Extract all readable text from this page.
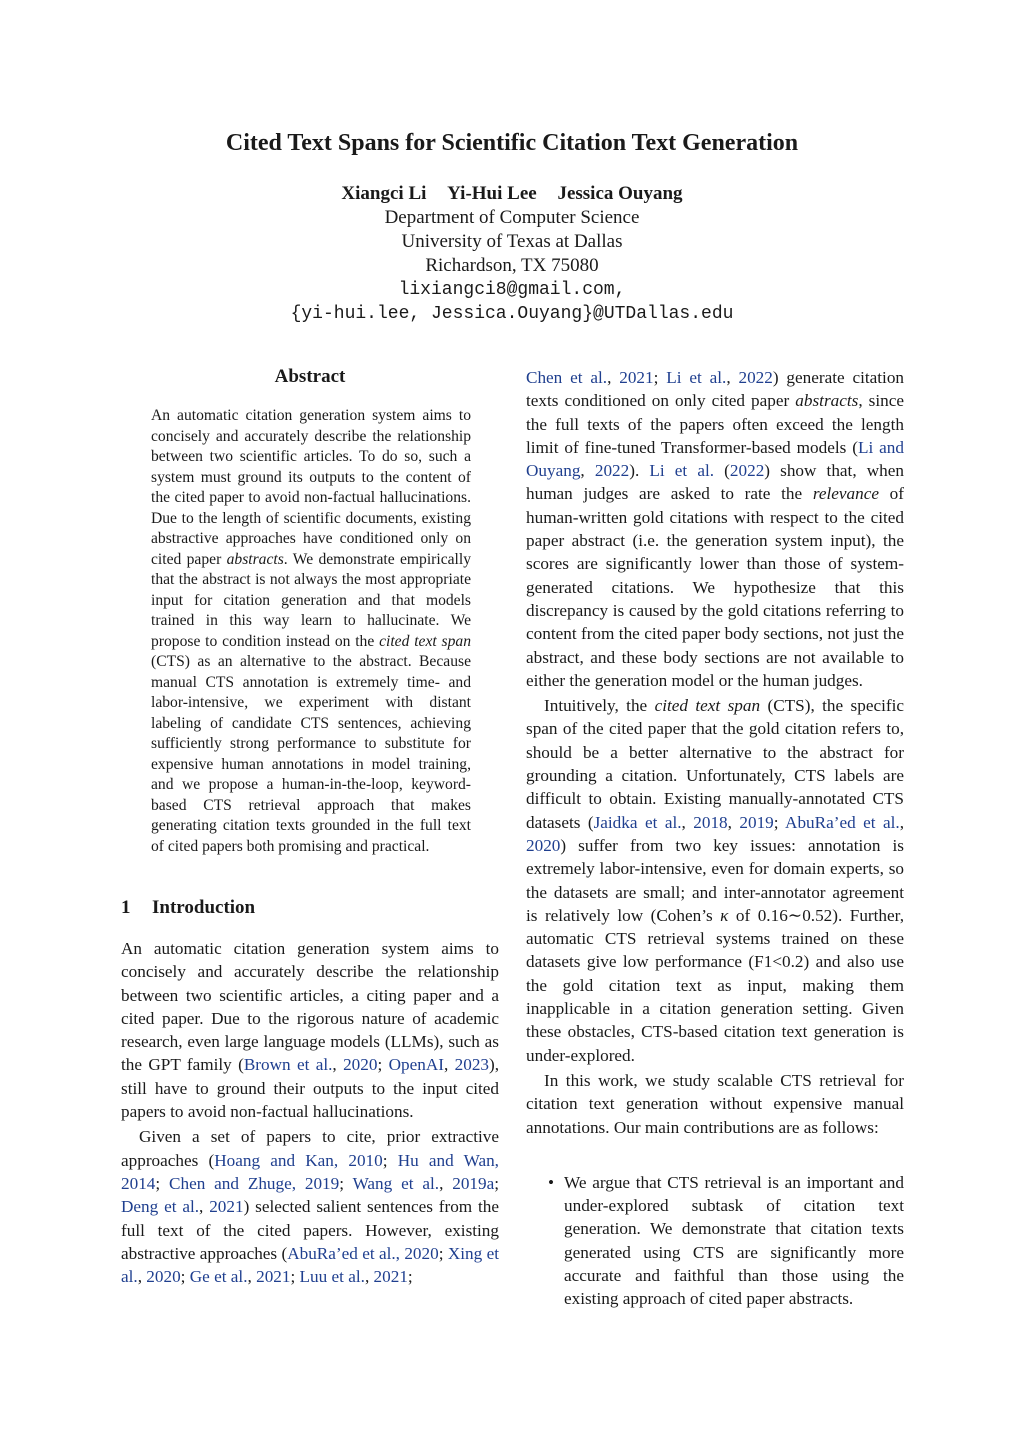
Cited Text Spans for Scientific Citation Text Generation
Xiangci Li Yi-Hui Lee Jessica Ouyang
Department of Computer Science
University of Texas at Dallas
Richardson, TX 75080
lixiangci8@gmail.com,
{yi-hui.lee, Jessica.Ouyang}@UTDallas.edu
Abstract

An automatic citation generation system aims to concisely and accurately describe the relationship between two scientific articles. To do so, such a system must ground its outputs to the content of the cited paper to avoid non-factual hallucinations. Due to the length of scientific documents, existing abstractive approaches have conditioned only on cited paper abstracts. We demonstrate empirically that the abstract is not always the most appropriate input for citation generation and that models trained in this way learn to hallucinate. We propose to condition instead on the cited text span (CTS) as an alternative to the abstract. Because manual CTS annotation is extremely time- and labor-intensive, we experiment with distant labeling of candidate CTS sentences, achieving sufficiently strong performance to substitute for expensive human annotations in model training, and we propose a human-in-the-loop, keyword-based CTS retrieval approach that makes generating citation texts grounded in the full text of cited papers both promising and practical.

1 Introduction

An automatic citation generation system aims to concisely and accurately describe the relationship between two scientific articles, a citing paper and a cited paper. Due to the rigorous nature of academic research, even large language models (LLMs), such as the GPT family (Brown et al., 2020; OpenAI, 2023), still have to ground their outputs to the input cited papers to avoid non-factual hallucinations.

Given a set of papers to cite, prior extractive approaches (Hoang and Kan, 2010; Hu and Wan, 2014; Chen and Zhuge, 2019; Wang et al., 2019a; Deng et al., 2021) selected salient sentences from the full text of the cited papers. However, existing abstractive approaches (AbuRa’ed et al., 2020; Xing et al., 2020; Ge et al., 2021; Luu et al., 2021;

Chen et al., 2021; Li et al., 2022) generate citation texts conditioned on only cited paper abstracts, since the full texts of the papers often exceed the length limit of fine-tuned Transformer-based models (Li and Ouyang, 2022). Li et al. (2022) show that, when human judges are asked to rate the relevance of human-written gold citations with respect to the cited paper abstract (i.e. the generation system input), the scores are significantly lower than those of system-generated citations. We hypothesize that this discrepancy is caused by the gold citations referring to content from the cited paper body sections, not just the abstract, and these body sections are not available to either the generation model or the human judges.

Intuitively, the cited text span (CTS), the specific span of the cited paper that the gold citation refers to, should be a better alternative to the abstract for grounding a citation. Unfortunately, CTS labels are difficult to obtain. Existing manually-annotated CTS datasets (Jaidka et al., 2018, 2019; AbuRa’ed et al., 2020) suffer from two key issues: annotation is extremely labor-intensive, even for domain experts, so the datasets are small; and inter-annotator agreement is relatively low (Cohen’s κ of 0.16∼0.52). Further, automatic CTS retrieval systems trained on these datasets give low performance (F1<0.2) and also use the gold citation text as input, making them inapplicable in a citation generation setting. Given these obstacles, CTS-based citation text generation is under-explored.

In this work, we study scalable CTS retrieval for citation text generation without expensive manual annotations. Our main contributions are as follows:

• We argue that CTS retrieval is an important and under-explored subtask of citation text generation. We demonstrate that citation texts generated using CTS are significantly more accurate and faithful than those using the existing approach of cited paper abstracts.
